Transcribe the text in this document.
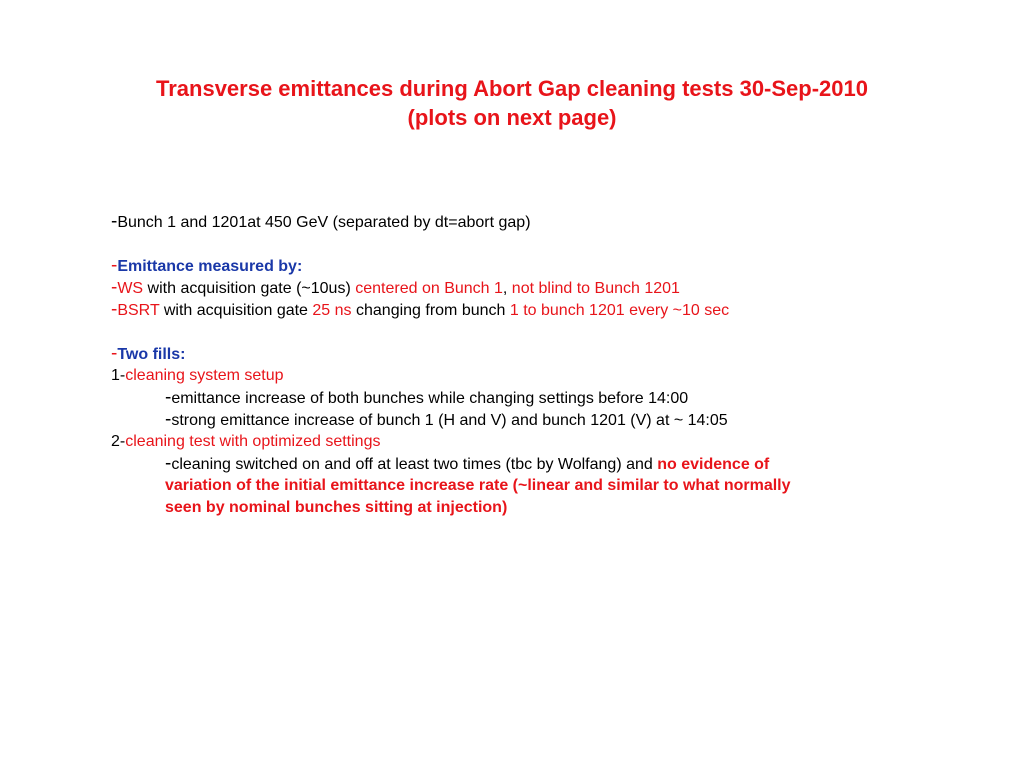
Transverse emittances during Abort Gap cleaning tests 30-Sep-2010
(plots on next page)
-Bunch 1 and 1201at 450 GeV (separated by dt=abort gap)
-Emittance measured by:
-WS with acquisition gate (~10us) centered on Bunch 1, not blind to Bunch 1201
-BSRT with acquisition gate 25 ns changing from bunch 1 to bunch 1201 every ~10 sec
-Two fills:
1-cleaning system setup
-emittance increase of both bunches while changing settings before 14:00
-strong emittance increase of bunch 1 (H and V) and bunch 1201 (V) at ~ 14:05
2-cleaning test with optimized settings
-cleaning switched on and off at least two times (tbc by Wolfang) and no evidence of
variation of the initial emittance increase rate (~linear and similar to what normally
seen by nominal bunches sitting at injection)
